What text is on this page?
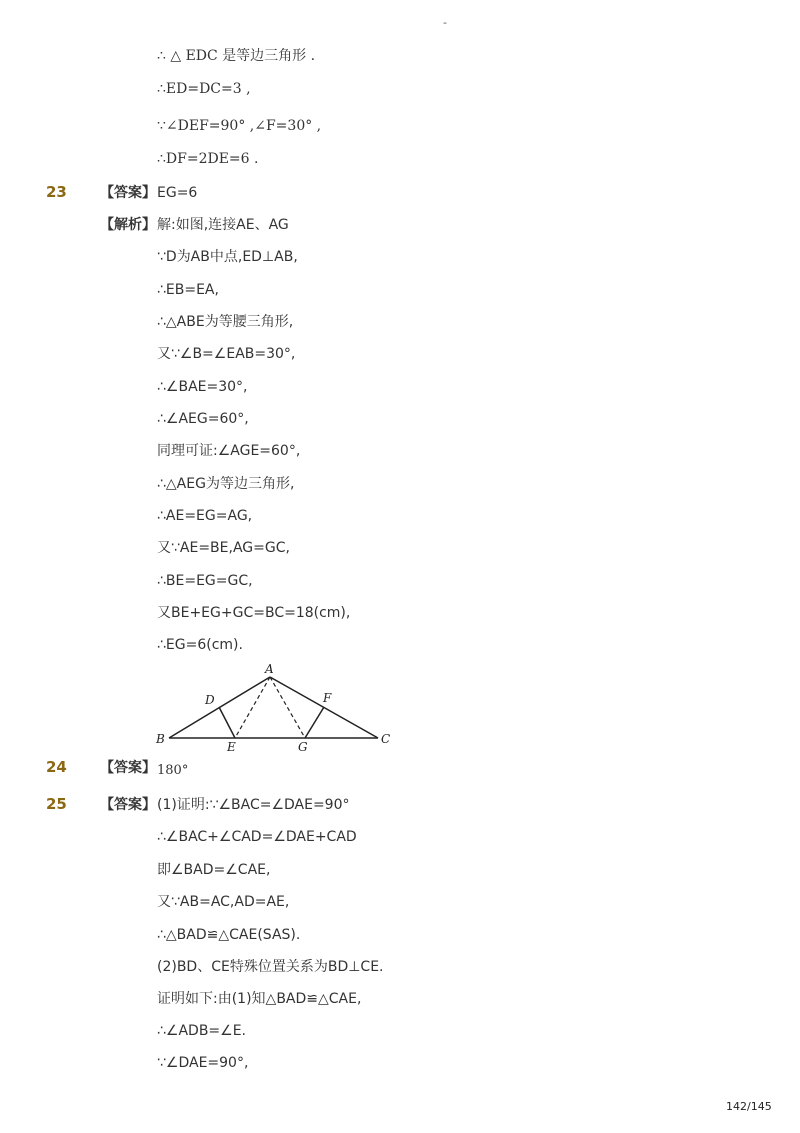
-
∴ △ EDC 是等边三角形 .
∴ED=DC=3 ,
∵∠DEF=90° ,∠F=30° ,
∴DF=2DE=6 .
23 【答案】 EG=6
【解析】 解:如图,连接AE、AG
∵D为AB中点,ED⊥AB,
∴EB=EA,
∴△ABE为等腰三角形,
又∵∠B=∠EAB=30°,
∴∠BAE=30°,
∴∠AEG=60°,
同理可证:∠AGE=60°,
∴△AEG为等边三角形,
∴AE=EG=AG,
又∵AE=BE,AG=GC,
∴BE=EG=GC,
又BE+EG+GC=BC=18(cm),
∴EG=6(cm).
A
B	C
D
E
F
G
24 【答案】 180°
25 【答案】 (1)证明:∵∠BAC=∠DAE=90°
∴∠BAC+∠CAD=∠DAE+CAD
即∠BAD=∠CAE,
又∵AB=AC,AD=AE,
∴△BAD≌△CAE(SAS).
(2)BD、CE特殊位置关系为BD⊥CE.
证明如下:由(1)知△BAD≌△CAE,
∴∠ADB=∠E.
∵∠DAE=90°,
142/145
